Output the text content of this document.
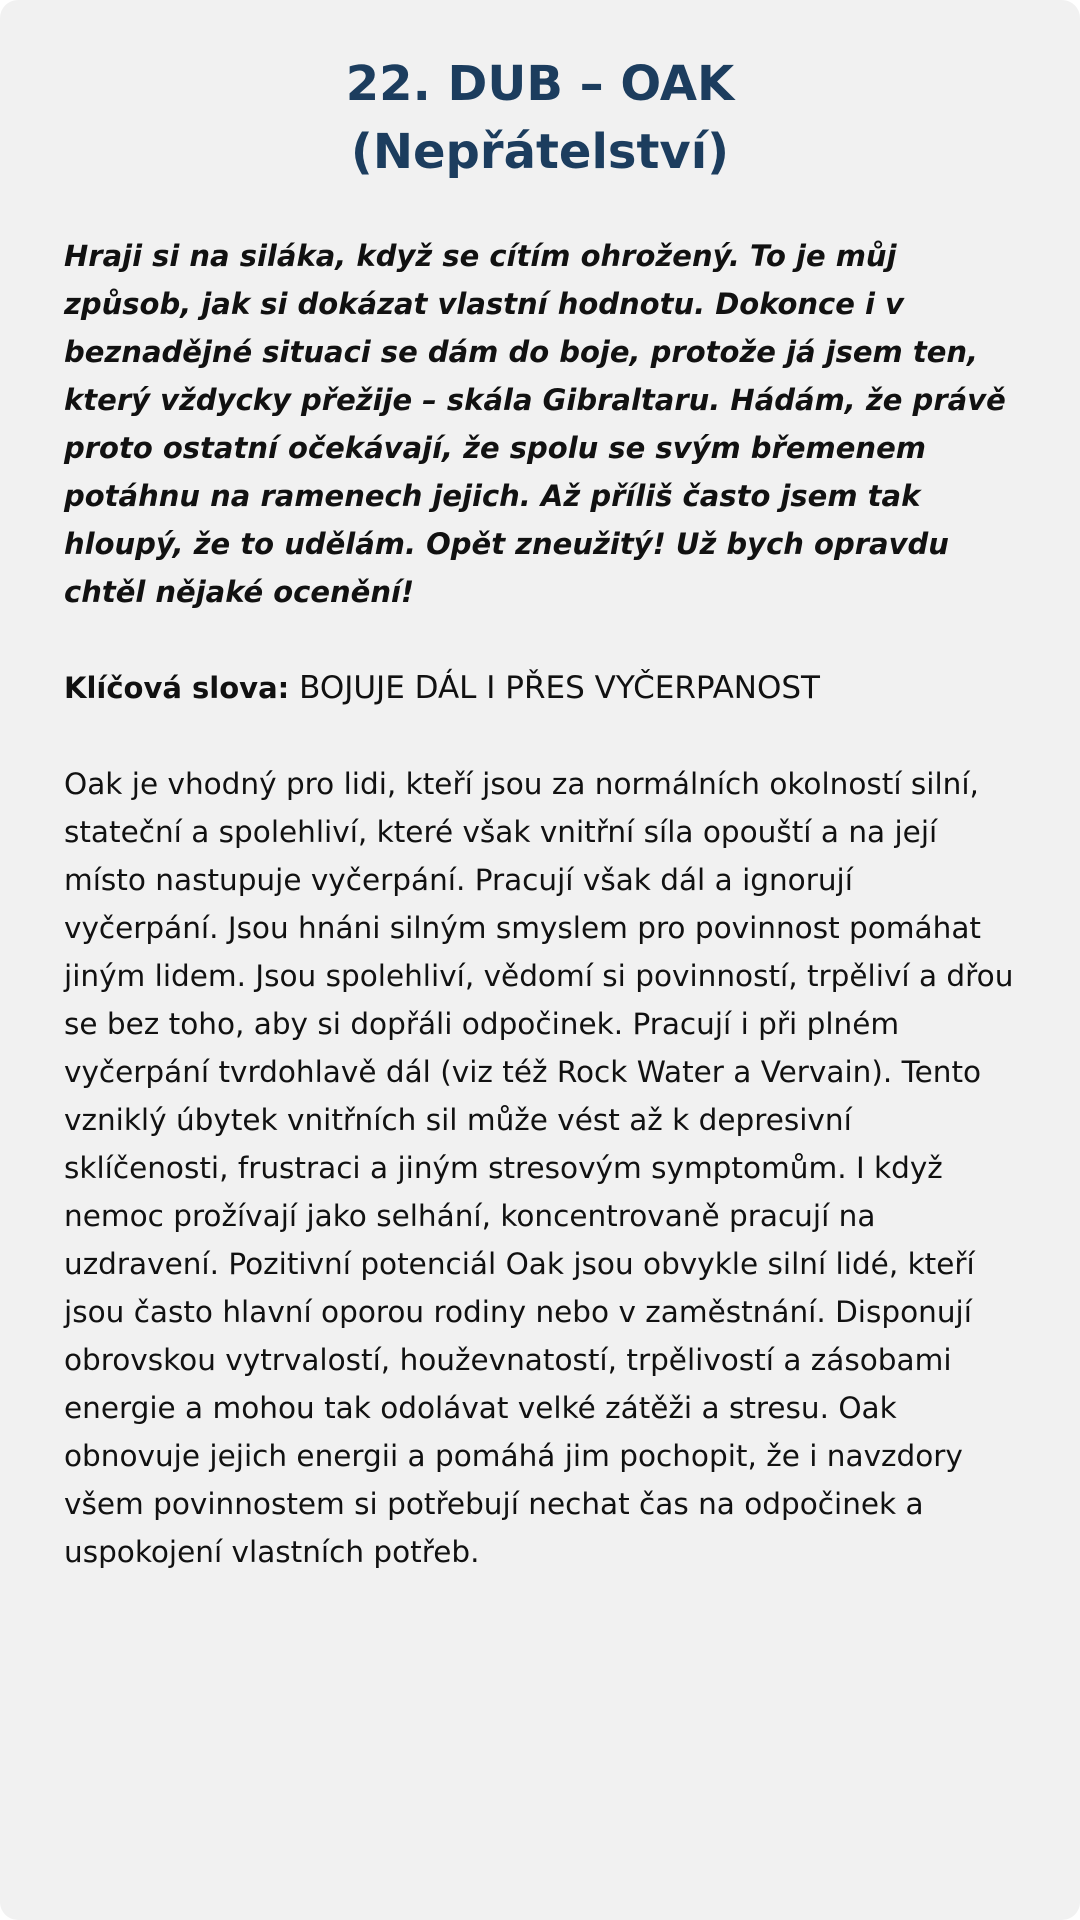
22. DUB – OAK
(Nepřátelství)

Hraji si na siláka, když se cítím ohrožený. To je můj způsob, jak si dokázat vlastní hodnotu. Dokonce i v beznadějné situaci se dám do boje, protože já jsem ten, který vždycky přežije – skála Gibraltaru. Hádám, že právě proto ostatní očekávají, že spolu se svým břemenem potáhnu na ramenech jejich. Až příliš často jsem tak hloupý, že to udělám. Opět zneužitý! Už bych opravdu chtěl nějaké ocenění!

Klíčová slova: BOJUJE DÁL I PŘES VYČERPANOST

Oak je vhodný pro lidi, kteří jsou za normálních okolností silní, stateční a spolehliví, které však vnitřní síla opouští a na její místo nastupuje vyčerpání. Pracují však dál a ignorují vyčerpání. Jsou hnáni silným smyslem pro povinnost pomáhat jiným lidem. Jsou spolehliví, vědomí si povinností, trpěliví a dřou se bez toho, aby si dopřáli odpočinek. Pracují i při plném vyčerpání tvrdohlavě dál (viz též Rock Water a Vervain). Tento vzniklý úbytek vnitřních sil může vést až k depresivní sklíčenosti, frustraci a jiným stresovým symptomům. I když nemoc prožívají jako selhání, koncentrovaně pracují na uzdravení. Pozitivní potenciál Oak jsou obvykle silní lidé, kteří jsou často hlavní oporou rodiny nebo v zaměstnání. Disponují obrovskou vytrvalostí, houževnatostí, trpělivostí a zásobami energie a mohou tak odolávat velké zátěži a stresu. Oak obnovuje jejich energii a pomáhá jim pochopit, že i navzdory všem povinnostem si potřebují nechat čas na odpočinek a uspokojení vlastních potřeb.
